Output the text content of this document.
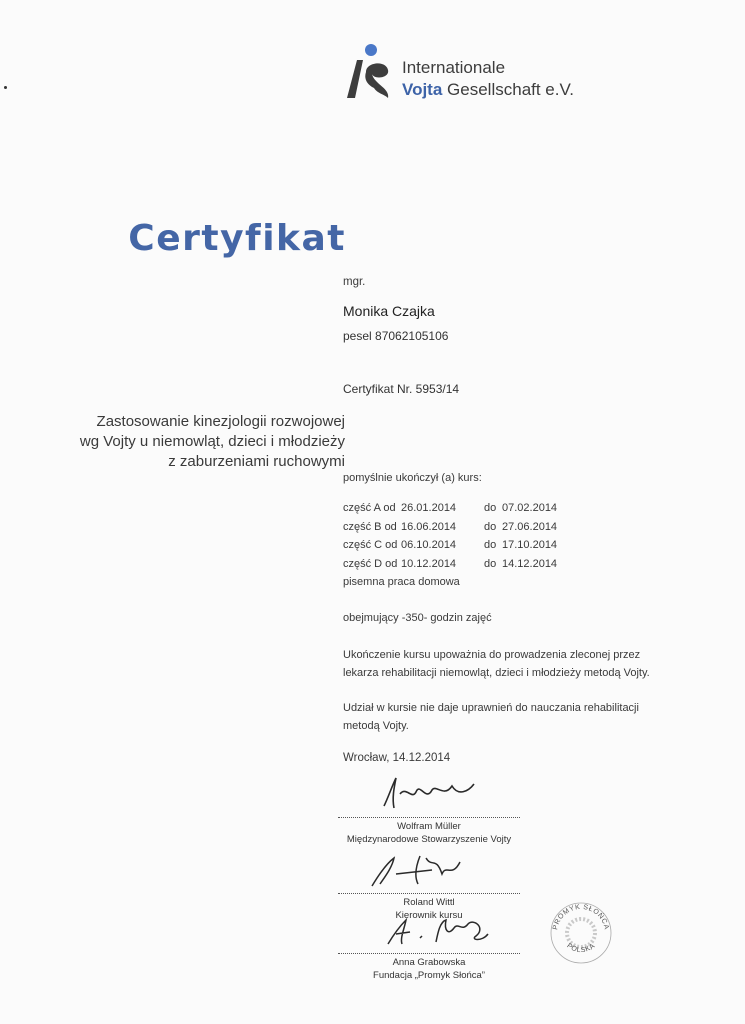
Internationale
Vojta Gesellschaft e.V.
Certyfikat
mgr.
Monika Czajka
pesel 87062105106
Certyfikat Nr. 5953/14
Zastosowanie kinezjologii rozwojowej
wg Vojty u niemowląt, dzieci i młodzieży
z zaburzeniami ruchowymi
pomyślnie ukończył (a) kurs:
część A od 26.01.2014	do 07.02.2014
część B od 16.06.2014	do 27.06.2014
część C od 06.10.2014	do 17.10.2014
część D od 10.12.2014	do 14.12.2014
pisemna praca domowa
obejmujący -350- godzin zajęć
Ukończenie kursu upoważnia do prowadzenia zleconej przez lekarza rehabilitacji niemowląt, dzieci i młodzieży metodą Vojty.
Udział w kursie nie daje uprawnień do nauczania rehabilitacji metodą Vojty.
Wrocław, 14.12.2014
Wolfram Müller
Międzynarodowe Stowarzyszenie Vojty
Roland Wittl
Kierownik kursu
Anna Grabowska
Fundacja „Promyk Słońca”
PROMYK SŁOŃCA
POLSKA
